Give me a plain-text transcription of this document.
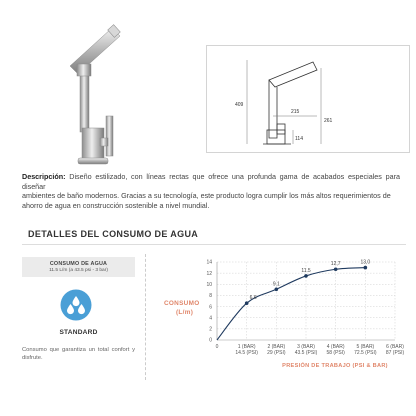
409
215
261
114
Descripción: Diseño estilizado, con líneas rectas que ofrece una profunda gama de acabados especiales para diseñar
ambientes de baño modernos. Gracias a su tecnología, este producto logra cumplir los más altos requerimientos de
ahorro de agua en construcción sostenible a nivel mundial.
DETALLES DEL CONSUMO DE AGUA
CONSUMO DE AGUA
11.5 L/m (a 43.5 psi - 3 bar)
STANDARD
Consumo que garantiza un total confort y disfrute.
0
2
4
6
8
10
12
14
1 (BAR)
14.5 (PSI)
2 (BAR)
29 (PSI)
3 (BAR)
43.5 (PSI)
4 (BAR)
58 (PSI)
5 (BAR)
72.5 (PSI)
6 (BAR)
87 (PSI)
6.6
9.1
11.5
12,7	13,0
0
CONSUMO
(L/m)
PRESIÓN DE TRABAJO (PSI & BAR)
